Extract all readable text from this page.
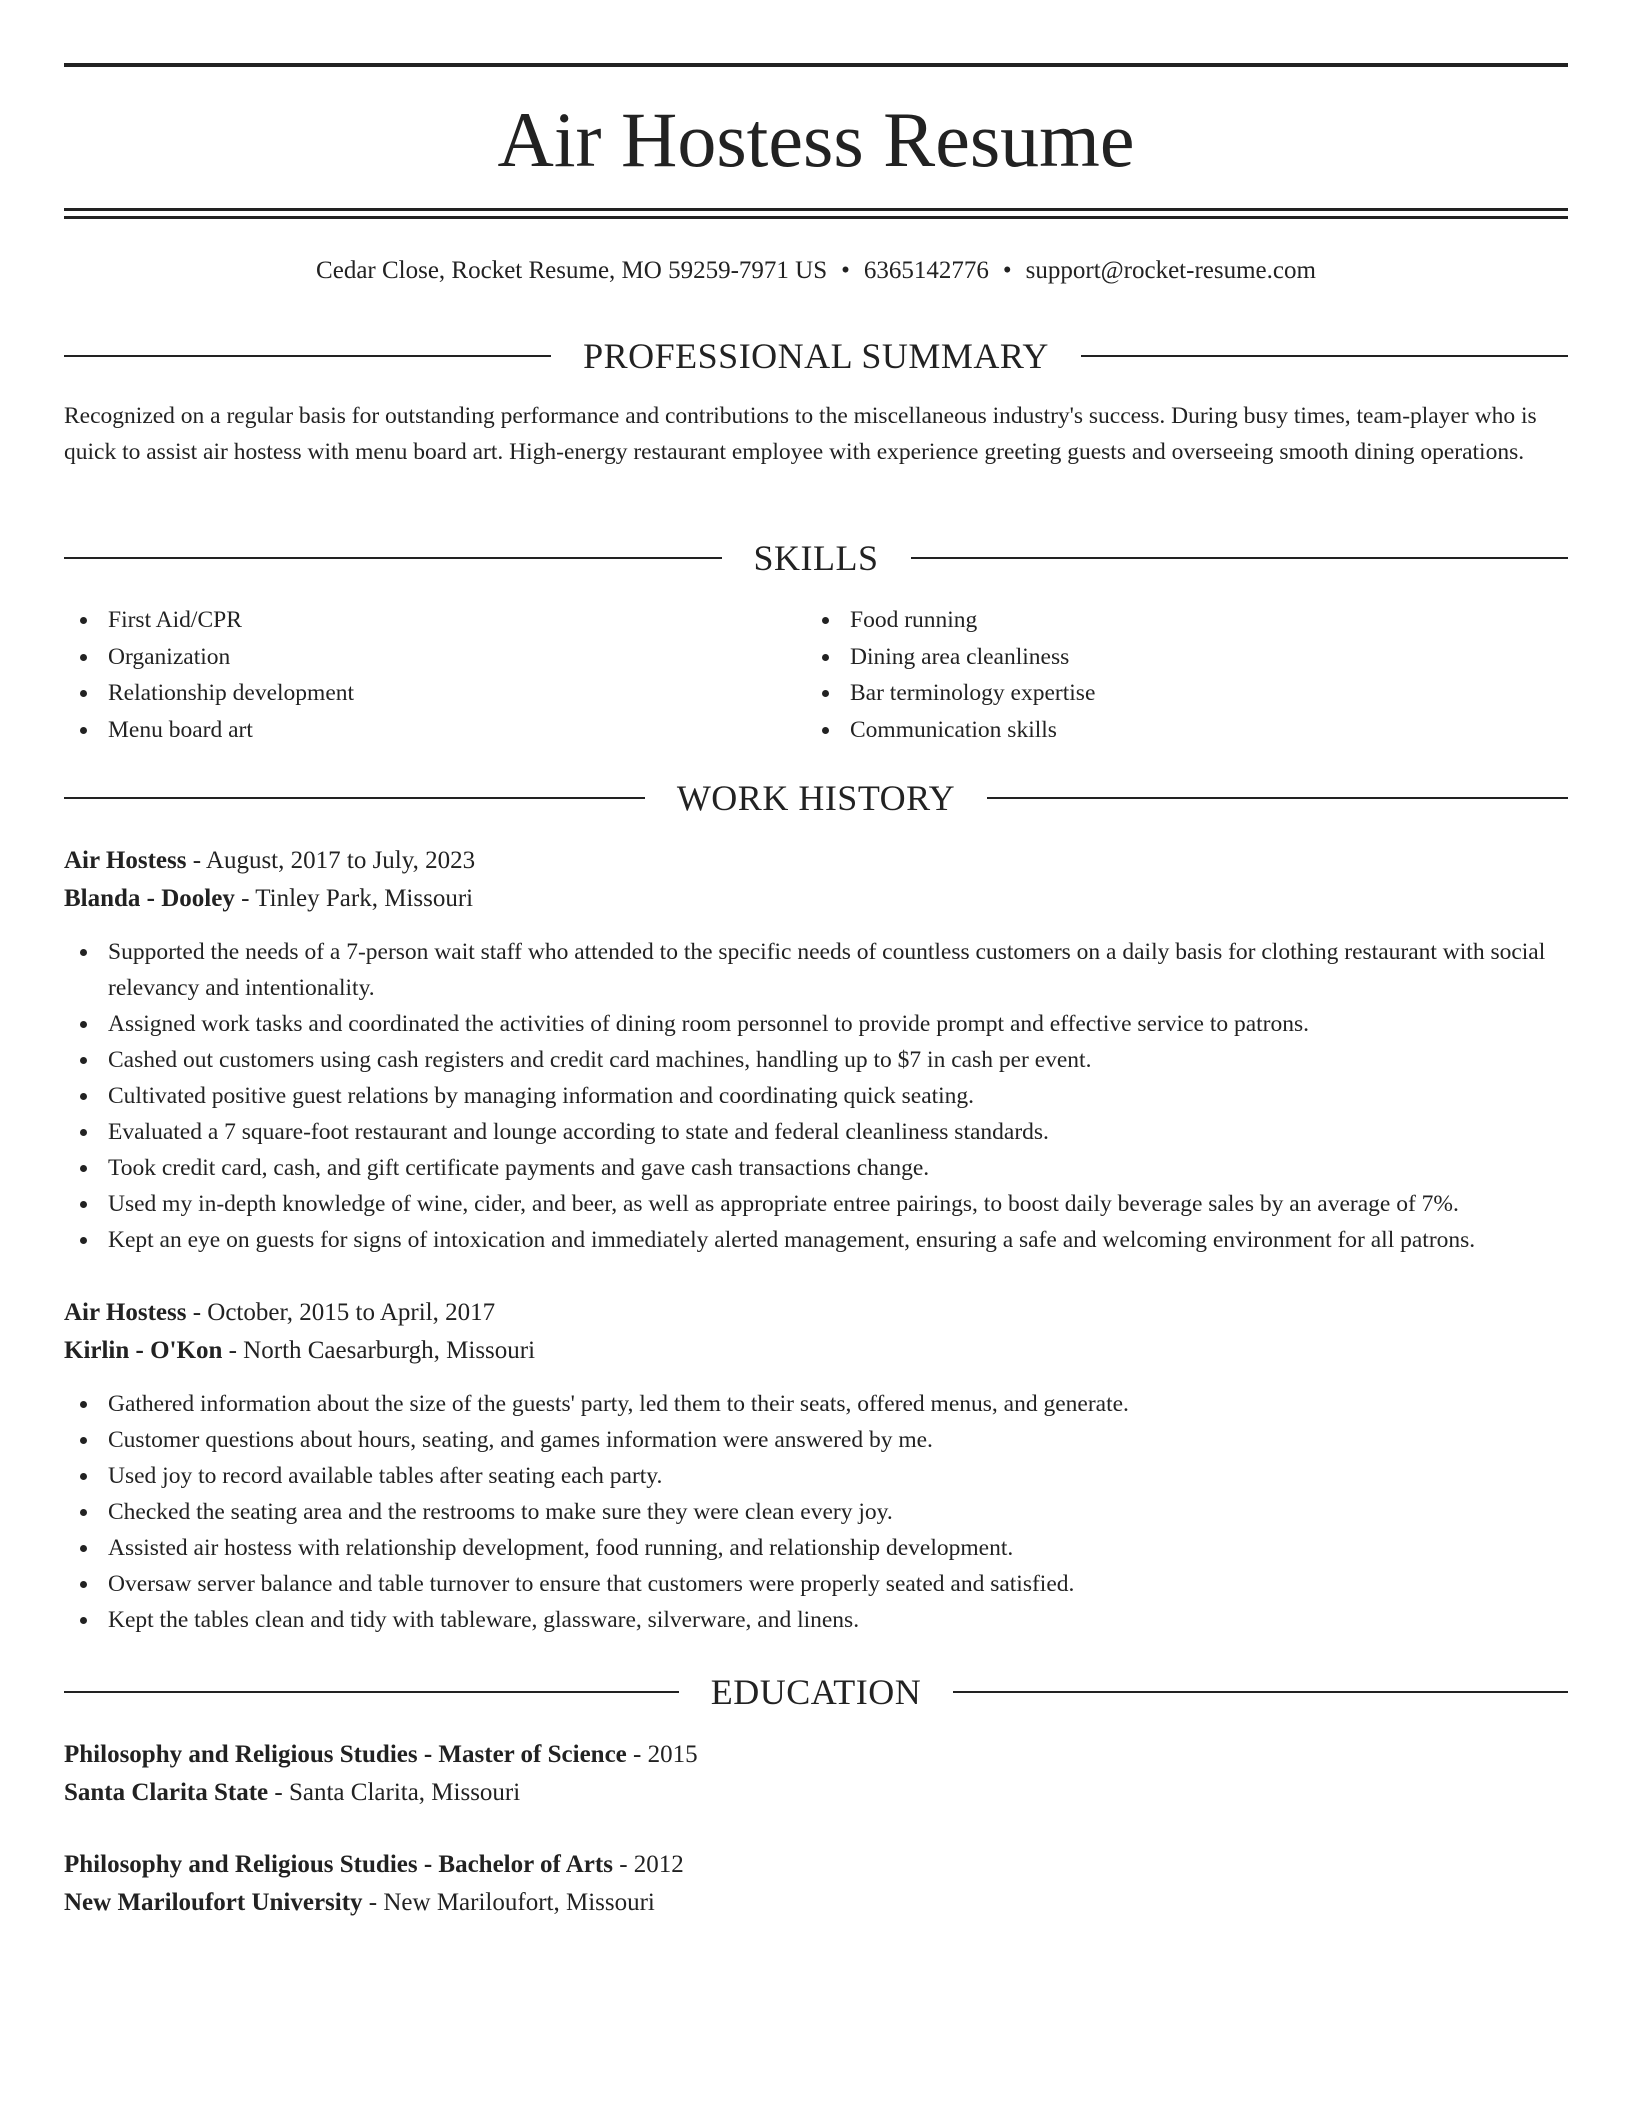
Air Hostess Resume
Cedar Close, Rocket Resume, MO 59259-7971 US • 6365142776 • support@rocket-resume.com
PROFESSIONAL SUMMARY

Recognized on a regular basis for outstanding performance and contributions to the miscellaneous industry's success. During busy times, team-player who is quick to assist air hostess with menu board art. High-energy restaurant employee with experience greeting guests and overseeing smooth dining operations.

SKILLS
First Aid/CPR
Organization
Relationship development
Menu board art
Food running
Dining area cleanliness
Bar terminology expertise
Communication skills
WORK HISTORY
Air Hostess - August, 2017 to July, 2023
Blanda - Dooley - Tinley Park, Missouri
Supported the needs of a 7-person wait staff who attended to the specific needs of countless customers on a daily basis for clothing restaurant with social relevancy and intentionality.
Assigned work tasks and coordinated the activities of dining room personnel to provide prompt and effective service to patrons.
Cashed out customers using cash registers and credit card machines, handling up to $7 in cash per event.
Cultivated positive guest relations by managing information and coordinating quick seating.
Evaluated a 7 square-foot restaurant and lounge according to state and federal cleanliness standards.
Took credit card, cash, and gift certificate payments and gave cash transactions change.
Used my in-depth knowledge of wine, cider, and beer, as well as appropriate entree pairings, to boost daily beverage sales by an average of 7%.
Kept an eye on guests for signs of intoxication and immediately alerted management, ensuring a safe and welcoming environment for all patrons.
Air Hostess - October, 2015 to April, 2017
Kirlin - O'Kon - North Caesarburgh, Missouri
Gathered information about the size of the guests' party, led them to their seats, offered menus, and generate.
Customer questions about hours, seating, and games information were answered by me.
Used joy to record available tables after seating each party.
Checked the seating area and the restrooms to make sure they were clean every joy.
Assisted air hostess with relationship development, food running, and relationship development.
Oversaw server balance and table turnover to ensure that customers were properly seated and satisfied.
Kept the tables clean and tidy with tableware, glassware, silverware, and linens.
EDUCATION
Philosophy and Religious Studies - Master of Science - 2015
Santa Clarita State - Santa Clarita, Missouri
Philosophy and Religious Studies - Bachelor of Arts - 2012
New Mariloufort University - New Mariloufort, Missouri
